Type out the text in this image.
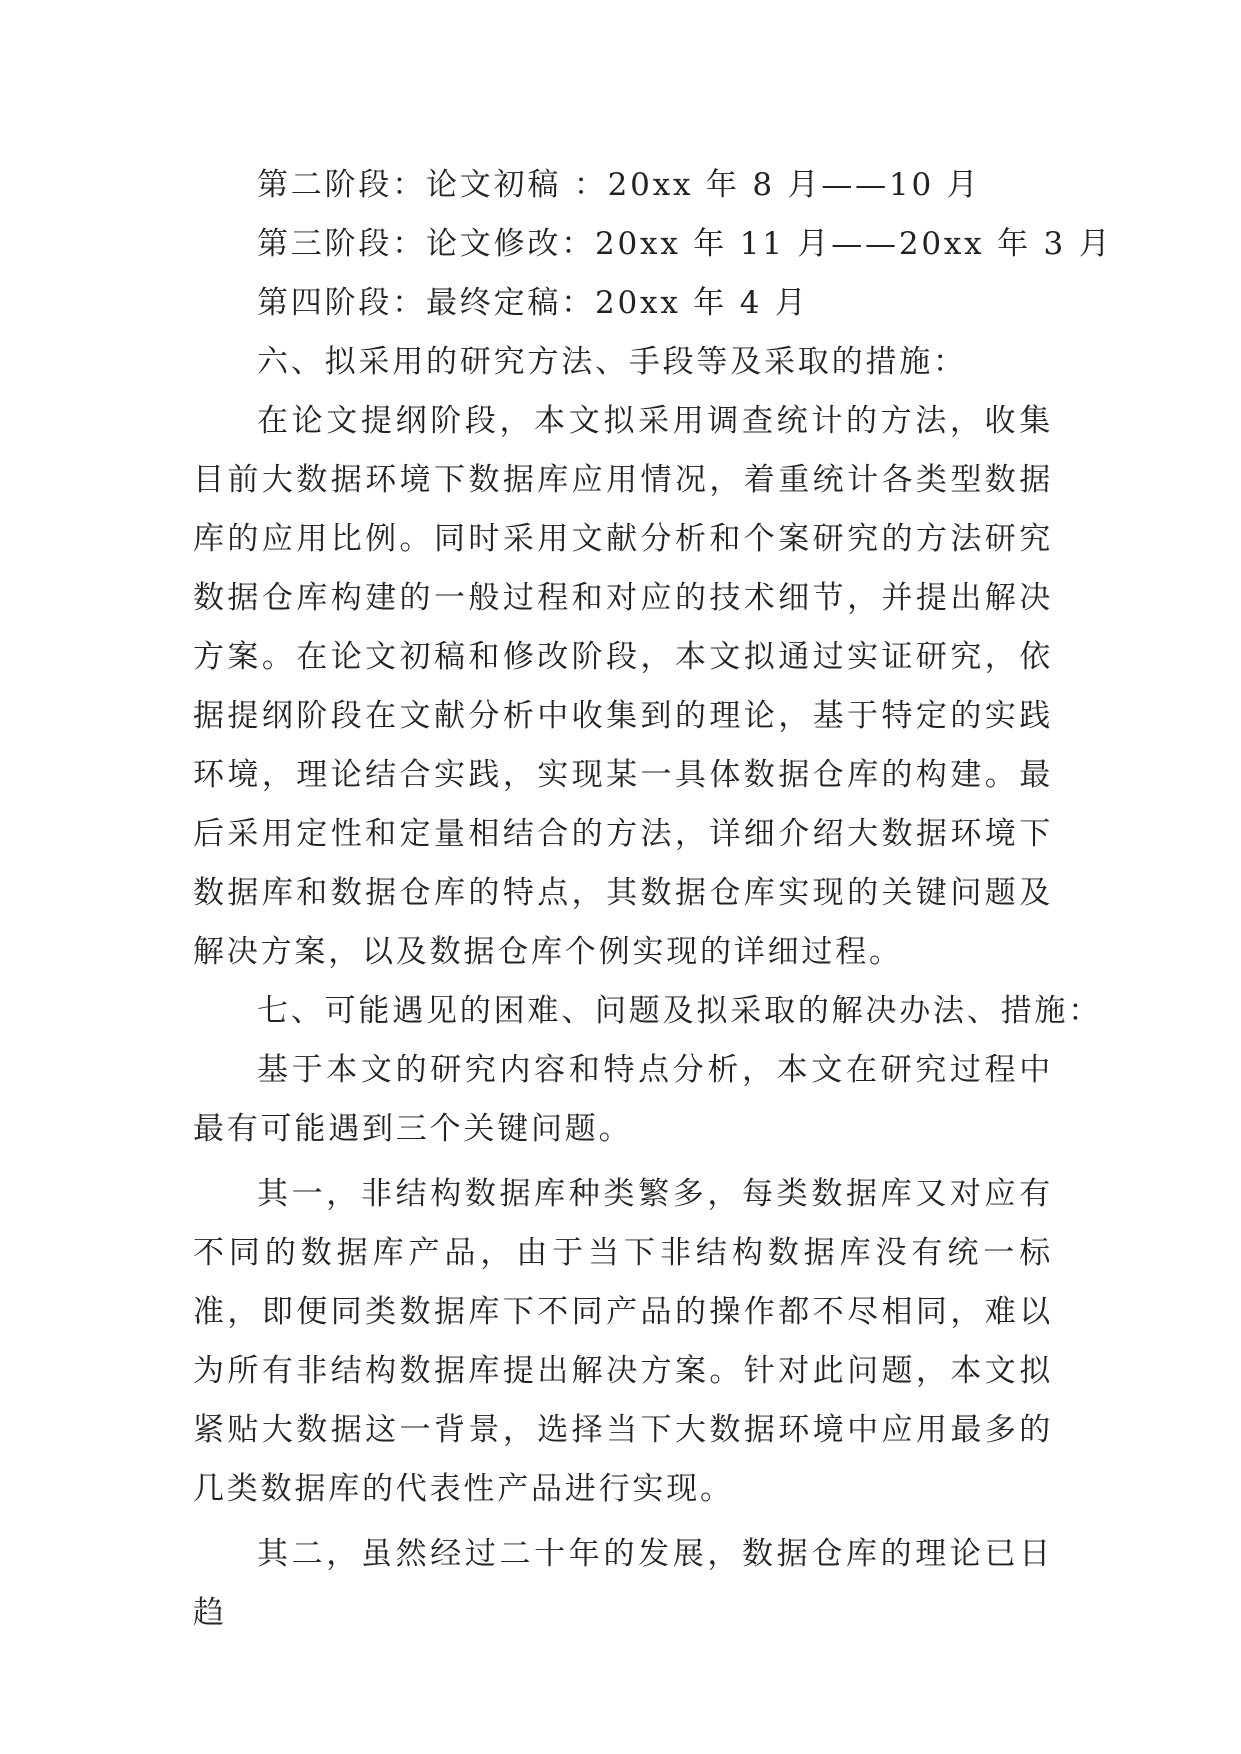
第二阶段：论文初稿 ：20xx 年 8 月——10 月

第三阶段：论文修改：20xx 年 11 月——20xx 年 3 月

第四阶段：最终定稿：20xx 年 4 月

六、拟采用的研究方法、手段等及采取的措施：

在论文提纲阶段，本文拟采用调查统计的方法，收集目前大数据环境下数据库应用情况，着重统计各类型数据库的应用比例。同时采用文献分析和个案研究的方法研究数据仓库构建的一般过程和对应的技术细节，并提出解决方案。在论文初稿和修改阶段，本文拟通过实证研究，依据提纲阶段在文献分析中收集到的理论，基于特定的实践环境，理论结合实践，实现某一具体数据仓库的构建。最后采用定性和定量相结合的方法，详细介绍大数据环境下数据库和数据仓库的特点，其数据仓库实现的关键问题及解决方案，以及数据仓库个例实现的详细过程。

七、可能遇见的困难、问题及拟采取的解决办法、措施：

基于本文的研究内容和特点分析，本文在研究过程中最有可能遇到三个关键问题。

其一，非结构数据库种类繁多，每类数据库又对应有不同的数据库产品，由于当下非结构数据库没有统一标准，即便同类数据库下不同产品的操作都不尽相同，难以为所有非结构数据库提出解决方案。针对此问题，本文拟紧贴大数据这一背景，选择当下大数据环境中应用最多的几类数据库的代表性产品进行实现。

其二，虽然经过二十年的发展，数据仓库的理论已日趋
